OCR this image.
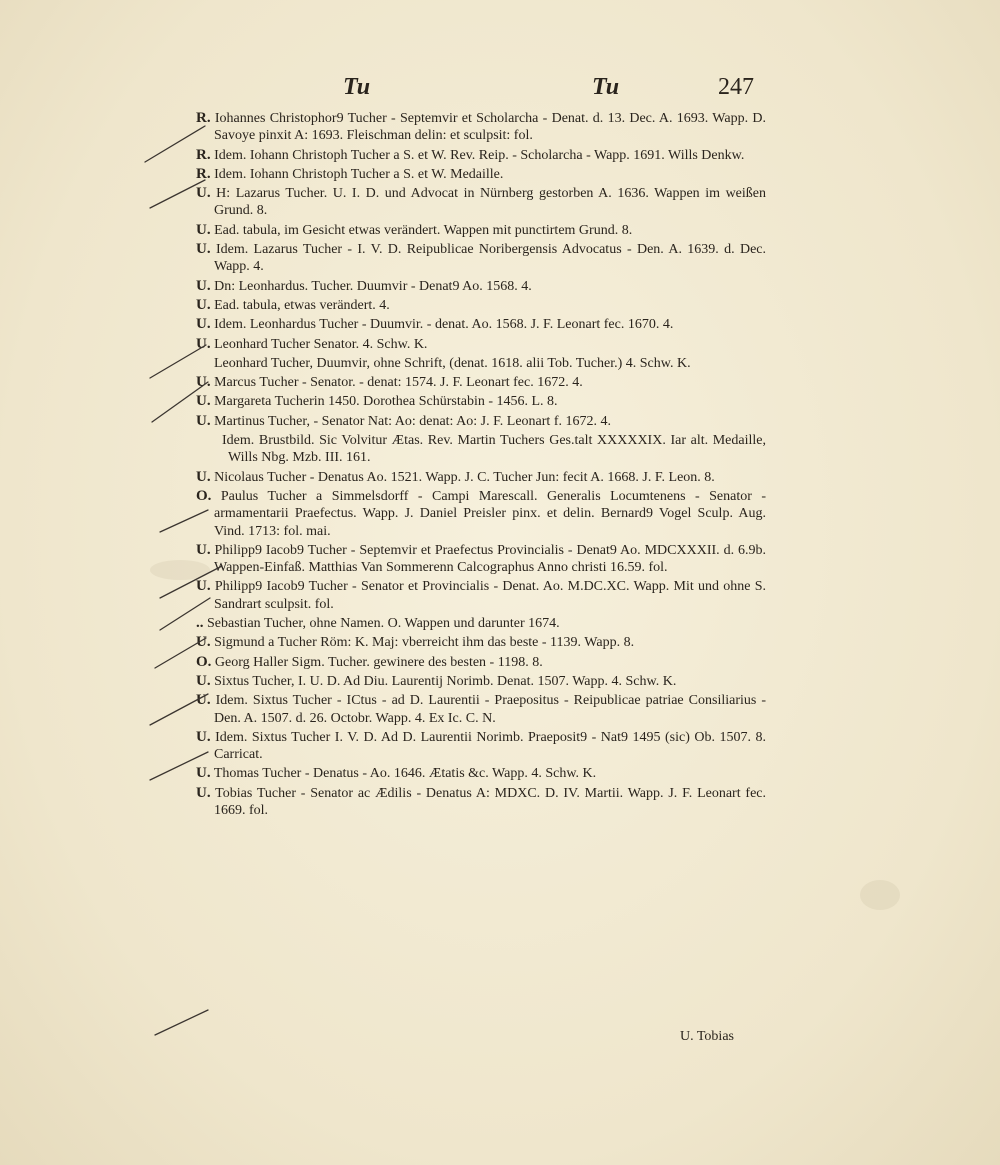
Tu	Tu	247
R. Iohannes Christophor9 Tucher - Septemvir et Scholarcha - Denat. d. 13. Dec. A. 1693. Wapp. D. Savoye pinxit A: 1693. Fleischman delin: et sculpsit: fol.
R. Idem. Iohann Christoph Tucher a S. et W. Rev. Reip. - Scholarcha - Wapp. 1691. Wills Denkw.
R. Idem. Iohann Christoph Tucher a S. et W. Medaille.
U. H: Lazarus Tucher. U. I. D. und Advocat in Nürnberg gestorben A. 1636. Wappen im weißen Grund. 8.
U. Ead. tabula, im Gesicht etwas verändert. Wappen mit punctirtem Grund. 8.
U. Idem. Lazarus Tucher - I. V. D. Reipublicae Noribergensis Advocatus - Den. A. 1639. d. Dec. Wapp. 4.
U. Dn: Leonhardus. Tucher. Duumvir - Denat9 Ao. 1568. 4.
U. Ead. tabula, etwas verändert. 4.
U. Idem. Leonhardus Tucher - Duumvir. - denat. Ao. 1568. J. F. Leonart fec. 1670. 4.
U. Leonhard Tucher Senator. 4. Schw. K.
Leonhard Tucher, Duumvir, ohne Schrift, (denat. 1618. alii Tob. Tucher.) 4. Schw. K.
U. Marcus Tucher - Senator. - denat: 1574. J. F. Leonart fec. 1672. 4.
U. Margareta Tucherin 1450. Dorothea Schürstabin - 1456. L. 8.
U. Martinus Tucher, - Senator Nat: Ao: denat: Ao: J. F. Leonart f. 1672. 4.
Idem. Brustbild. Sic Volvitur Ætas. Rev. Martin Tuchers Ges.talt XXXXXIX. Iar alt. Medaille, Wills Nbg. Mzb. III. 161.
U. Nicolaus Tucher - Denatus Ao. 1521. Wapp. J. C. Tucher Jun: fecit A. 1668. J. F. Leon. 8.
O. Paulus Tucher a Simmelsdorff - Campi Marescall. Generalis Locumtenens - Senator - armamentarii Praefectus. Wapp. J. Daniel Preisler pinx. et delin. Bernard9 Vogel Sculp. Aug. Vind. 1713: fol. mai.
U. Philipp9 Iacob9 Tucher - Septemvir et Praefectus Provincialis - Denat9 Ao. MDCXXXII. d. 6.9b. Wappen-Einfaß. Matthias Van Sommerenn Calcographus Anno christi 16.59. fol.
U. Philipp9 Iacob9 Tucher - Senator et Provincialis - Denat. Ao. M.DC.XC. Wapp. Mit und ohne S. Sandrart sculpsit. fol.
.. Sebastian Tucher, ohne Namen. O. Wappen und darunter 1674.
U. Sigmund a Tucher Röm: K. Maj: vberreicht ihm das beste - 1139. Wapp. 8.
O. Georg Haller Sigm. Tucher. gewinere des besten - 1198. 8.
U. Sixtus Tucher, I. U. D. Ad Diu. Laurentij Norimb. Denat. 1507. Wapp. 4. Schw. K.
U. Idem. Sixtus Tucher - ICtus - ad D. Laurentii - Praepositus - Reipublicae patriae Consiliarius - Den. A. 1507. d. 26. Octobr. Wapp. 4. Ex Ic. C. N.
U. Idem. Sixtus Tucher I. V. D. Ad D. Laurentii Norimb. Praeposit9 - Nat9 1495 (sic) Ob. 1507. 8. Carricat.
U. Thomas Tucher - Denatus - Ao. 1646. Ætatis &c. Wapp. 4. Schw. K.
U. Tobias Tucher - Senator ac Ædilis - Denatus A: MDXC. D. IV. Martii. Wapp. J. F. Leonart fec. 1669. fol.
U. Tobias
